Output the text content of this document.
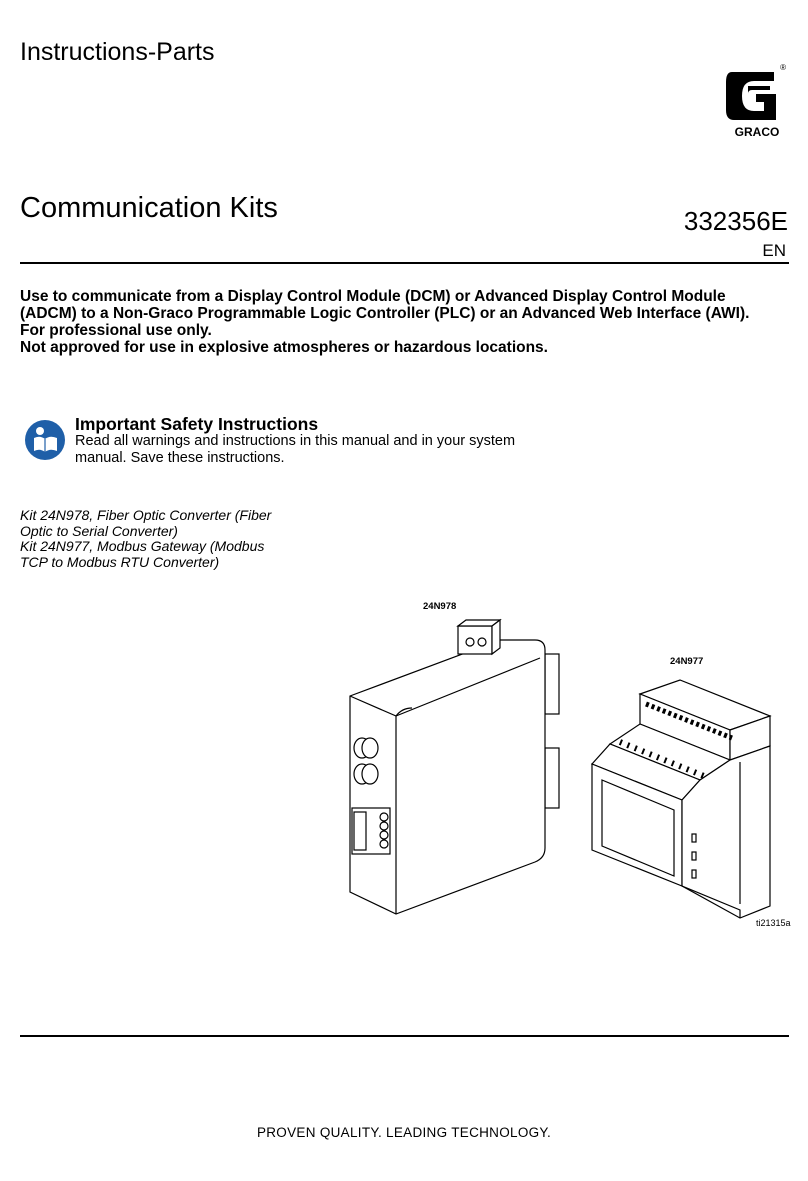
Instructions-Parts
®
GRACO
Communication Kits	332356E
EN
Use to communicate from a Display Control Module (DCM) or Advanced Display Control Module
(ADCM) to a Non-Graco Programmable Logic Controller (PLC) or an Advanced Web Interface (AWI).
For professional use only.
Not approved for use in explosive atmospheres or hazardous locations.
Important Safety Instructions
Read all warnings and instructions in this manual and in your system
manual. Save these instructions.
Kit 24N978, Fiber Optic Converter (Fiber
Optic to Serial Converter)
Kit 24N977, Modbus Gateway (Modbus
TCP to Modbus RTU Converter)
24N978
24N977
ti21315a
PROVEN QUALITY. LEADING TECHNOLOGY.
